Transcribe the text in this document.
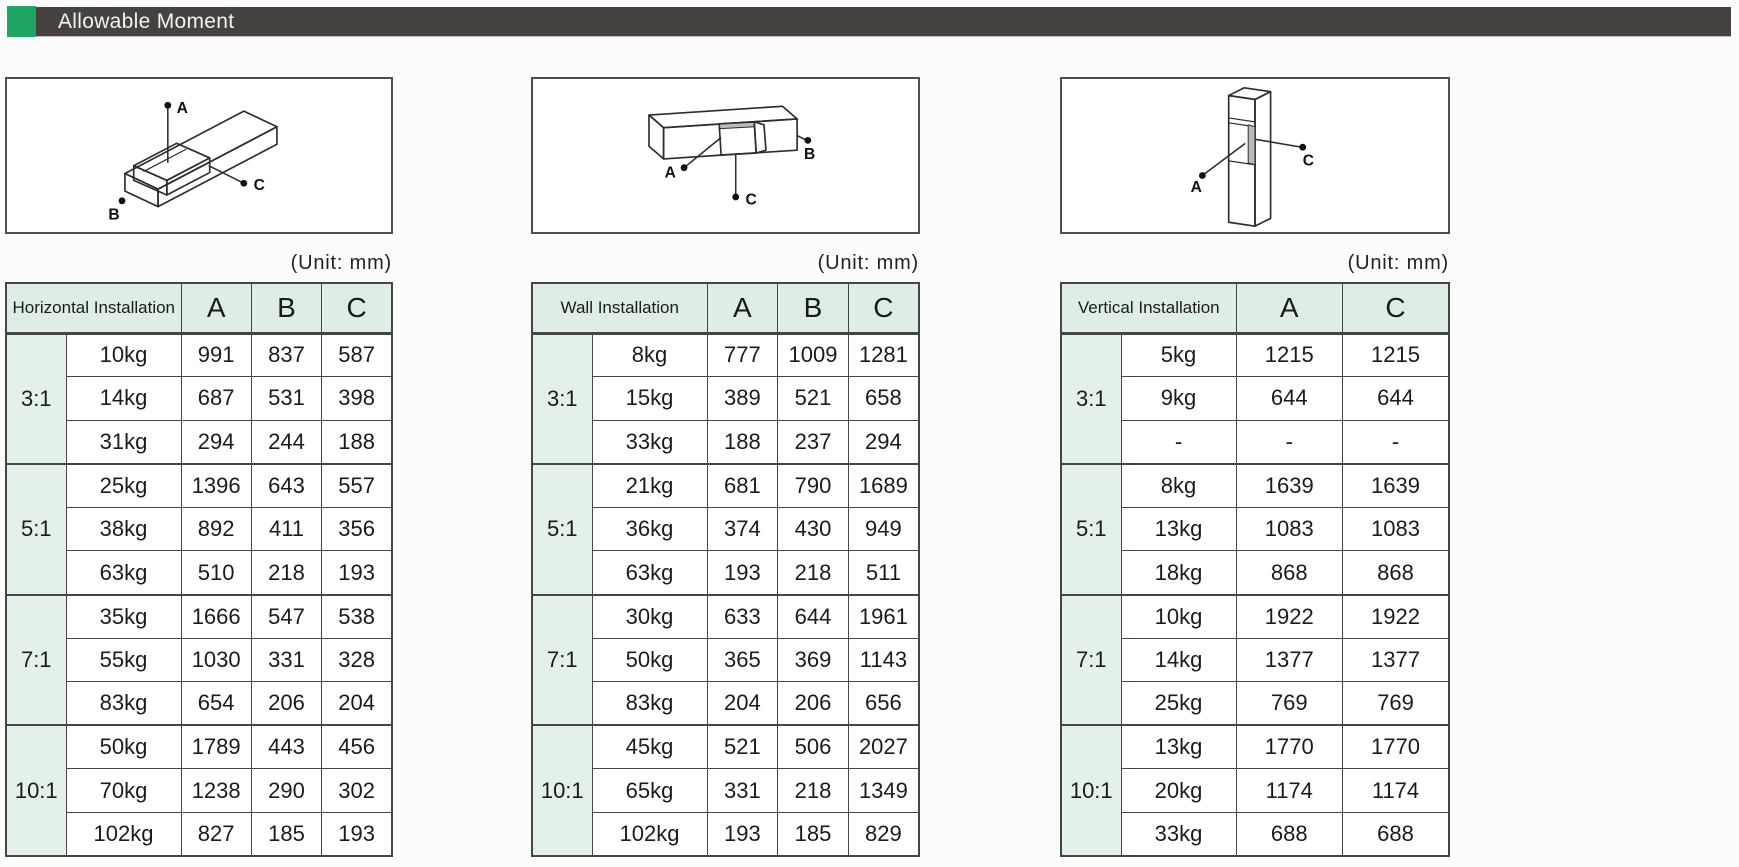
Allowable Moment
A
B
C
(Unit: mm)
Horizontal Installation		A	B	C
3:1	10kg	991	837	587
	14kg	687	531	398
	31kg	294	244	188
5:1	25kg	1396	643	557
	38kg	892	411	356
	63kg	510	218	193
7:1	35kg	1666	547	538
	55kg	1030	331	328
	83kg	654	206	204
10:1	50kg	1789	443	456
	70kg	1238	290	302
	102kg	827	185	193
A
B
C
(Unit: mm)
Wall Installation		A	B	C
3:1	8kg	777	1009	1281
	15kg	389	521	658
	33kg	188	237	294
5:1	21kg	681	790	1689
	36kg	374	430	949
	63kg	193	218	511
7:1	30kg	633	644	1961
	50kg	365	369	1143
	83kg	204	206	656
10:1	45kg	521	506	2027
	65kg	331	218	1349
	102kg	193	185	829
A
C
(Unit: mm)
Vertical Installation		A	C
3:1	5kg	1215	1215
	9kg	644	644
	-	-	-
5:1	8kg	1639	1639
	13kg	1083	1083
	18kg	868	868
7:1	10kg	1922	1922
	14kg	1377	1377
	25kg	769	769
10:1	13kg	1770	1770
	20kg	1174	1174
	33kg	688	688
